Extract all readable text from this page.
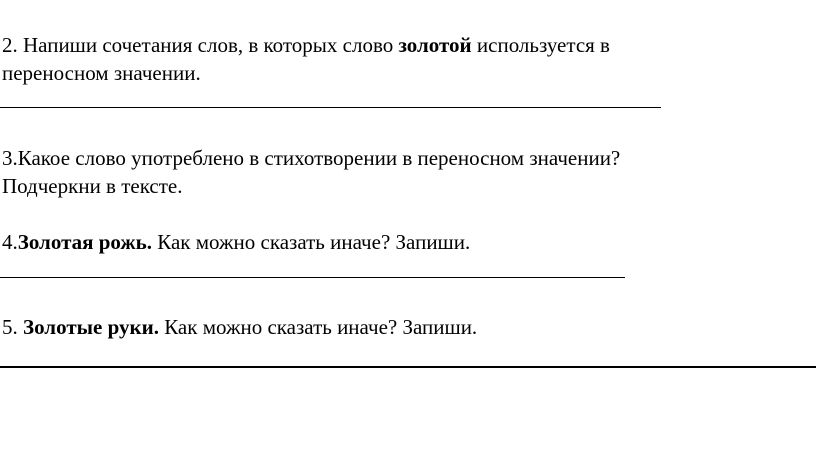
2. Напиши сочетания слов, в которых слово золотой используется в
переносном значении.
3.Какое слово употреблено в стихотворении в переносном значении?
Подчеркни в тексте.
4.Золотая рожь. Как можно сказать иначе? Запиши.
5. Золотые руки. Как можно сказать иначе? Запиши.
